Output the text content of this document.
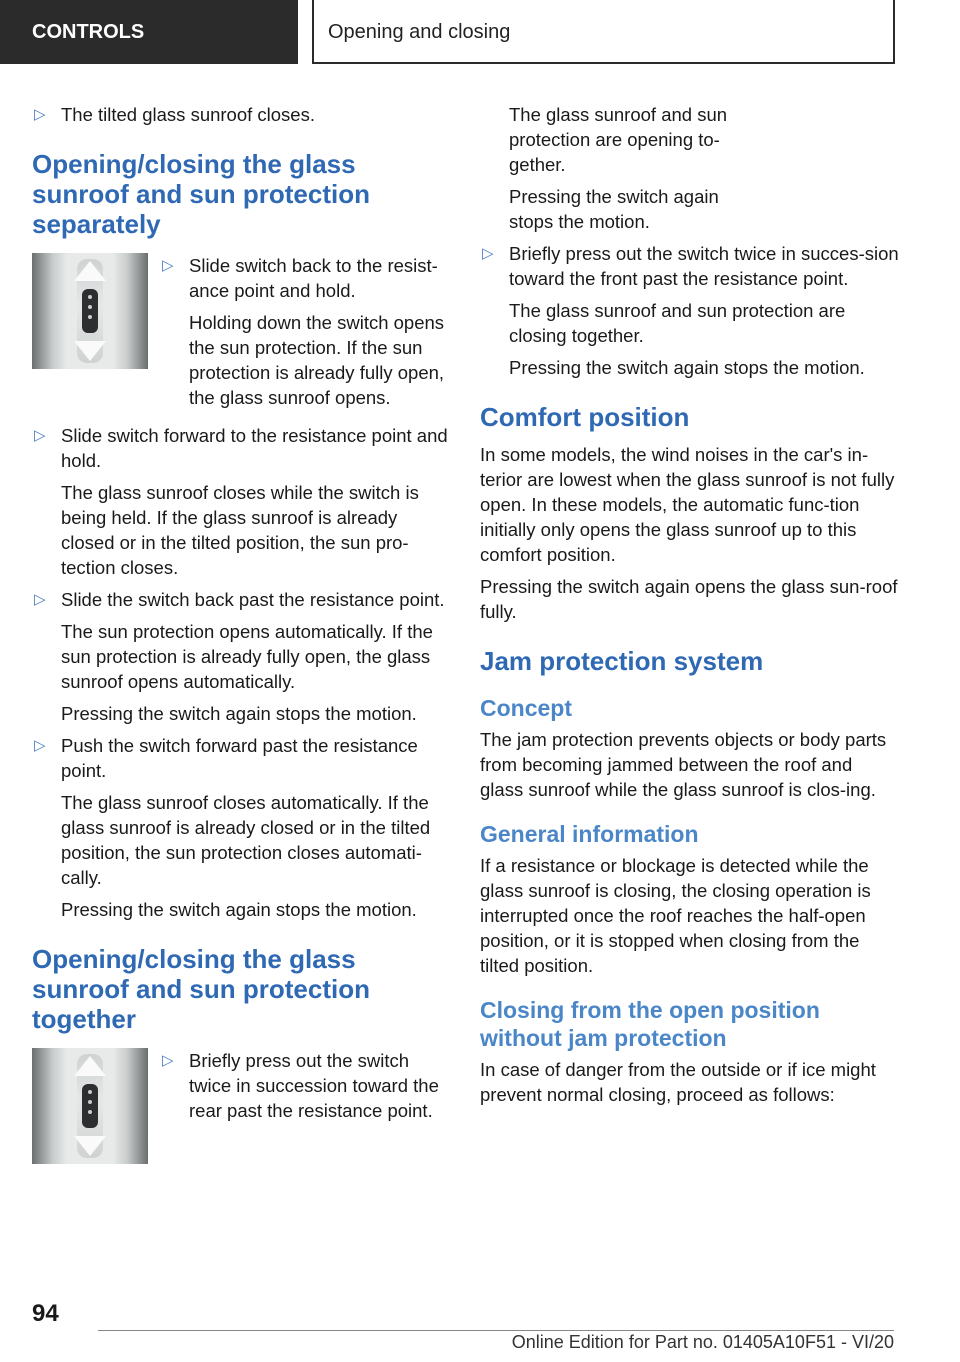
CONTROLS	Opening and closing
▷ The tilted glass sunroof closes.
Opening/closing the glass sunroof and sun protection separately
▷ Slide switch back to the resist-ance point and hold.
Holding down the switch opens the sun protection. If the sun protection is already fully open, the glass sunroof opens.
▷ Slide switch forward to the resistance point and hold.
The glass sunroof closes while the switch is being held. If the glass sunroof is already closed or in the tilted position, the sun pro-tection closes.
▷ Slide the switch back past the resistance point.
The sun protection opens automatically. If the sun protection is already fully open, the glass sunroof opens automatically.
Pressing the switch again stops the motion.
▷ Push the switch forward past the resistance point.
The glass sunroof closes automatically. If the glass sunroof is already closed or in the tilted position, the sun protection closes automati-cally.
Pressing the switch again stops the motion.
Opening/closing the glass sunroof and sun protection together
▷ Briefly press out the switch twice in succession toward the rear past the resistance point.
The glass sunroof and sun protection are opening to-gether.
Pressing the switch again stops the motion.
▷ Briefly press out the switch twice in succes-sion toward the front past the resistance point.
The glass sunroof and sun protection are closing together.
Pressing the switch again stops the motion.
Comfort position

In some models, the wind noises in the car's in-terior are lowest when the glass sunroof is not fully open. In these models, the automatic func-tion initially only opens the glass sunroof up to this comfort position.

Pressing the switch again opens the glass sun-roof fully.

Jam protection system
Concept

The jam protection prevents objects or body parts from becoming jammed between the roof and glass sunroof while the glass sunroof is clos-ing.

General information

If a resistance or blockage is detected while the glass sunroof is closing, the closing operation is interrupted once the roof reaches the half-open position, or it is stopped when closing from the tilted position.

Closing from the open position without jam protection

In case of danger from the outside or if ice might prevent normal closing, proceed as follows:

94
Online Edition for Part no. 01405A10F51 - VI/20
